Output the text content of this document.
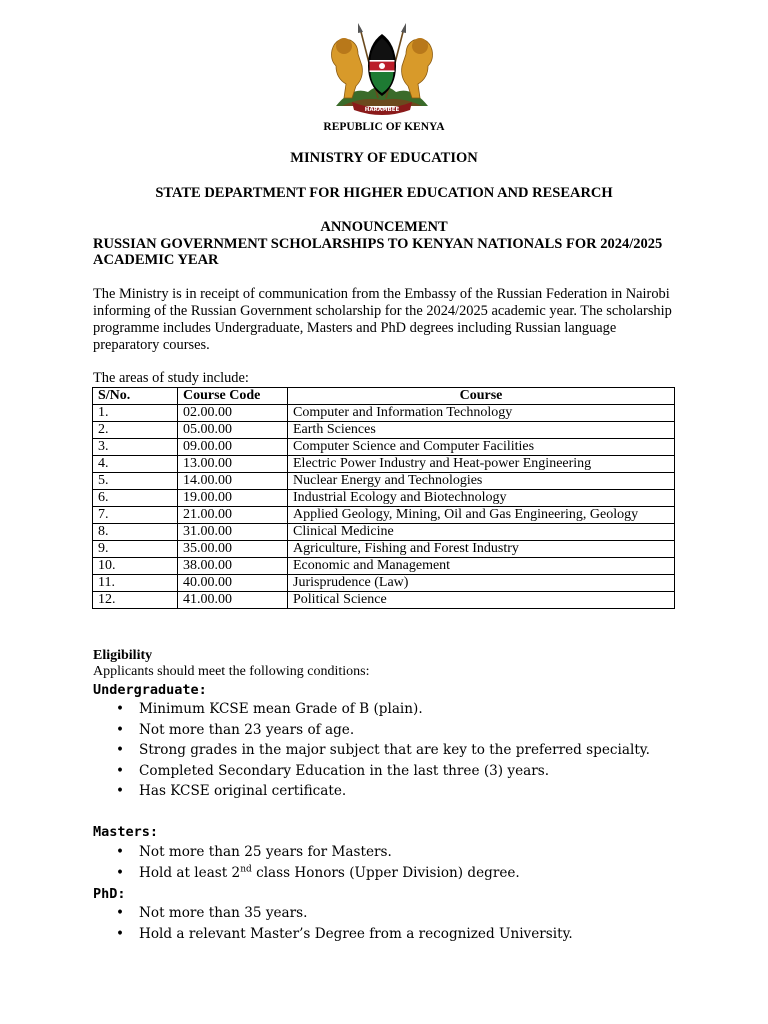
HARAMBEE
REPUBLIC OF KENYA
MINISTRY OF EDUCATION
STATE DEPARTMENT FOR HIGHER EDUCATION AND RESEARCH
ANNOUNCEMENT
RUSSIAN GOVERNMENT SCHOLARSHIPS TO KENYAN NATIONALS FOR 2024/2025 ACADEMIC YEAR
The Ministry is in receipt of communication from the Embassy of the Russian Federation in Nairobi informing of the Russian Government scholarship for the 2024/2025 academic year. The scholarship programme includes Undergraduate, Masters and PhD degrees including Russian language preparatory courses.
The areas of study include:
S/No.	Course Code	Course
1.	02.00.00	Computer and Information Technology
2.	05.00.00	Earth Sciences
3.	09.00.00	Computer Science and Computer Facilities
4.	13.00.00	Electric Power Industry and Heat-power Engineering
5.	14.00.00	Nuclear Energy and Technologies
6.	19.00.00	Industrial Ecology and Biotechnology
7.	21.00.00	Applied Geology, Mining, Oil and Gas Engineering, Geology
8.	31.00.00	Clinical Medicine
9.	35.00.00	Agriculture, Fishing and Forest Industry
10.	38.00.00	Economic and Management
11.	40.00.00	Jurisprudence (Law)
12.	41.00.00	Political Science
Eligibility
Applicants should meet the following conditions:
Undergraduate:
• Minimum KCSE mean Grade of B (plain).
• Not more than 23 years of age.
• Strong grades in the major subject that are key to the preferred specialty.
• Completed Secondary Education in the last three (3) years.
• Has KCSE original certificate.
Masters:
• Not more than 25 years for Masters.
• Hold at least 2nd class Honors (Upper Division) degree.
PhD:
• Not more than 35 years.
• Hold a relevant Master’s Degree from a recognized University.
